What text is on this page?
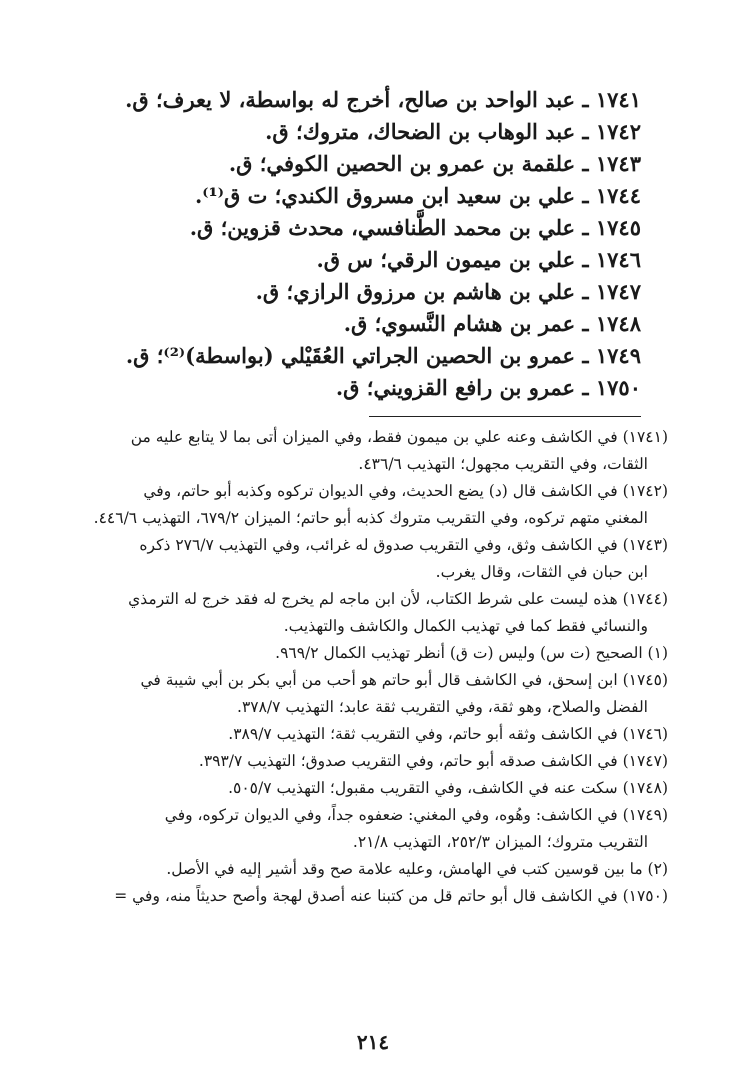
١٧٤١ ـ عبد الواحد بن صالح، أخرج له بواسطة، لا يعرف؛ ق.
١٧٤٢ ـ عبد الوهاب بن الضحاك، متروك؛ ق.
١٧٤٣ ـ علقمة بن عمرو بن الحصين الكوفي؛ ق.
١٧٤٤ ـ علي بن سعيد ابن مسروق الكندي؛ ت ق⁽¹⁾.
١٧٤٥ ـ علي بن محمد الطَّنافسي، محدث قزوين؛ ق.
١٧٤٦ ـ علي بن ميمون الرقي؛ س ق.
١٧٤٧ ـ علي بن هاشم بن مرزوق الرازي؛ ق.
١٧٤٨ ـ عمر بن هشام النَّسوي؛ ق.
١٧٤٩ ـ عمرو بن الحصين الجراتي العُقَيْلي (بواسطة)⁽²⁾؛ ق.
١٧٥٠ ـ عمرو بن رافع القزويني؛ ق.
(١٧٤١) في الكاشف وعنه علي بن ميمون فقط، وفي الميزان أتى بما لا يتابع عليه من
الثقات، وفي التقريب مجهول؛ التهذيب ٤٣٦/٦.
(١٧٤٢) في الكاشف قال (د) يضع الحديث، وفي الديوان تركوه وكذبه أبو حاتم، وفي
المغني متهم تركوه، وفي التقريب متروك كذبه أبو حاتم؛ الميزان ٦٧٩/٢، التهذيب ٤٤٦/٦.
(١٧٤٣) في الكاشف وثق، وفي التقريب صدوق له غرائب، وفي التهذيب ٢٧٦/٧ ذكره
ابن حبان في الثقات، وقال يغرب.
(١٧٤٤) هذه ليست على شرط الكتاب، لأن ابن ماجه لم يخرج له فقد خرج له الترمذي
والنسائي فقط كما في تهذيب الكمال والكاشف والتهذيب.
(١) الصحيح (ت س) وليس (ت ق) أنظر تهذيب الكمال ٩٦٩/٢.
(١٧٤٥) ابن إسحق، في الكاشف قال أبو حاتم هو أحب من أبي بكر بن أبي شيبة في
الفضل والصلاح، وهو ثقة، وفي التقريب ثقة عابد؛ التهذيب ٣٧٨/٧.
(١٧٤٦) في الكاشف وثقه أبو حاتم، وفي التقريب ثقة؛ التهذيب ٣٨٩/٧.
(١٧٤٧) في الكاشف صدقه أبو حاتم، وفي التقريب صدوق؛ التهذيب ٣٩٣/٧.
(١٧٤٨) سكت عنه في الكاشف، وفي التقريب مقبول؛ التهذيب ٥٠٥/٧.
(١٧٤٩) في الكاشف: وهُوه، وفي المغني: ضعفوه جداً، وفي الديوان تركوه، وفي
التقريب متروك؛ الميزان ٢٥٢/٣، التهذيب ٢١/٨.
(٢) ما بين قوسين كتب في الهامش، وعليه علامة صح وقد أشير إليه في الأصل.
(١٧٥٠) في الكاشف قال أبو حاتم قل من كتبنا عنه أصدق لهجة وأصح حديثاً منه، وفي =
٢١٤
